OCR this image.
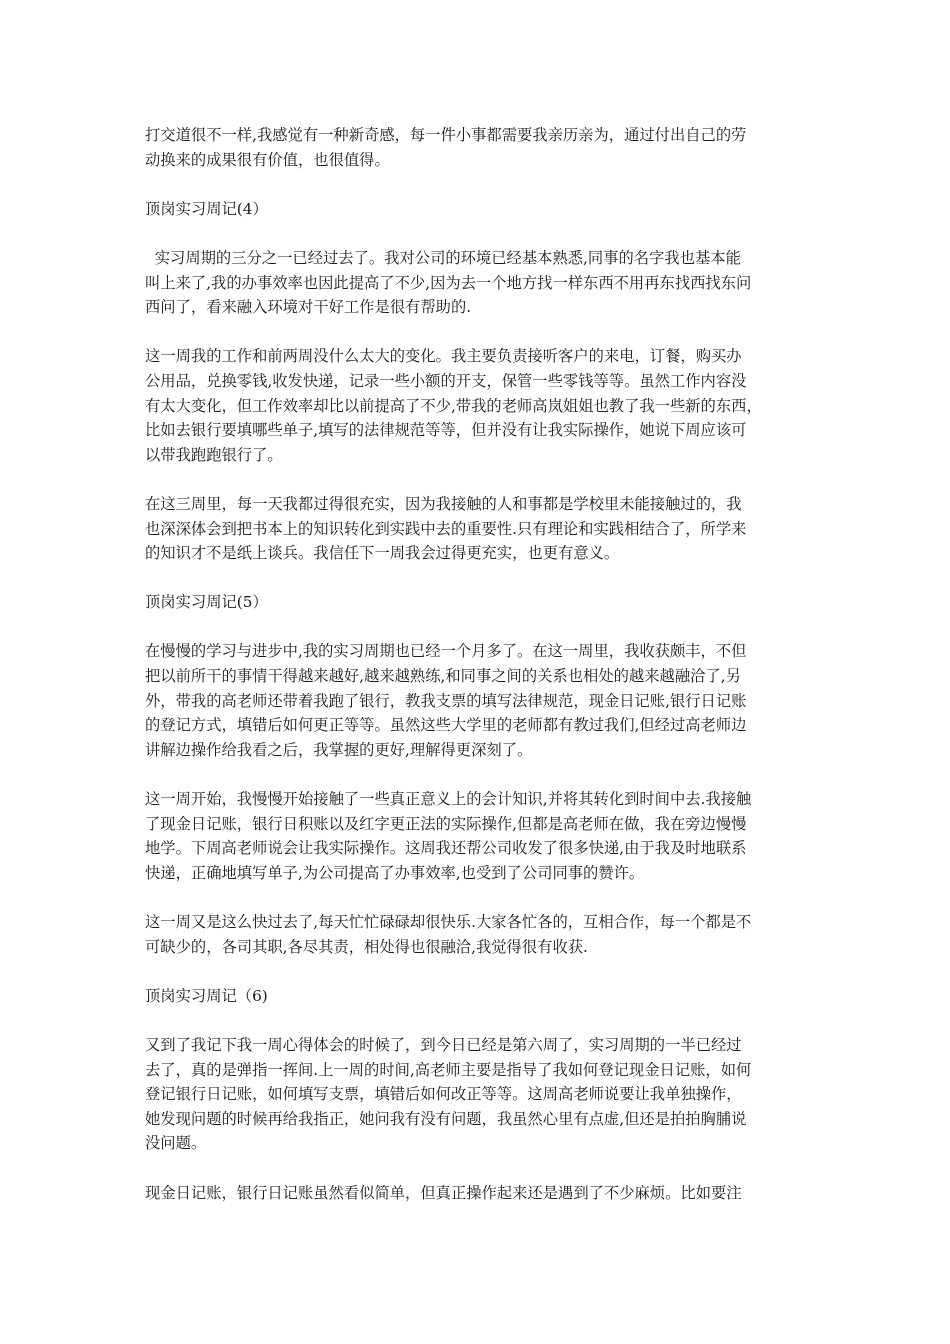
打交道很不一样,我感觉有一种新奇感，每一件小事都需要我亲历亲为，通过付出自己的劳
动换来的成果很有价值，也很值得。
顶岗实习周记(4）
实习周期的三分之一已经过去了。我对公司的环境已经基本熟悉,同事的名字我也基本能
叫上来了,我的办事效率也因此提高了不少,因为去一个地方找一样东西不用再东找西找东问
西问了，看来融入环境对干好工作是很有帮助的.
这一周我的工作和前两周没什么太大的变化。我主要负责接听客户的来电，订餐，购买办
公用品，兑换零钱,收发快递，记录一些小额的开支，保管一些零钱等等。虽然工作内容没
有太大变化，但工作效率却比以前提高了不少,带我的老师高岚姐姐也教了我一些新的东西，
比如去银行要填哪些单子,填写的法律规范等等，但并没有让我实际操作，她说下周应该可
以带我跑跑银行了。
在这三周里，每一天我都过得很充实，因为我接触的人和事都是学校里未能接触过的，我
也深深体会到把书本上的知识转化到实践中去的重要性.只有理论和实践相结合了，所学来
的知识才不是纸上谈兵。我信任下一周我会过得更充实，也更有意义。
顶岗实习周记(5）
在慢慢的学习与进步中,我的实习周期也已经一个月多了。在这一周里，我收获颇丰，不但
把以前所干的事情干得越来越好,越来越熟练,和同事之间的关系也相处的越来越融洽了,另
外，带我的高老师还带着我跑了银行，教我支票的填写法律规范，现金日记账,银行日记账
的登记方式，填错后如何更正等等。虽然这些大学里的老师都有教过我们,但经过高老师边
讲解边操作给我看之后，我掌握的更好,理解得更深刻了。
这一周开始，我慢慢开始接触了一些真正意义上的会计知识,并将其转化到时间中去.我接触
了现金日记账，银行日积账以及红字更正法的实际操作,但都是高老师在做，我在旁边慢慢
地学。下周高老师说会让我实际操作。这周我还帮公司收发了很多快递,由于我及时地联系
快递，正确地填写单子,为公司提高了办事效率,也受到了公司同事的赞许。
这一周又是这么快过去了,每天忙忙碌碌却很快乐.大家各忙各的，互相合作，每一个都是不
可缺少的，各司其职,各尽其责，相处得也很融洽,我觉得很有收获.
顶岗实习周记（6)
又到了我记下我一周心得体会的时候了，到今日已经是第六周了，实习周期的一半已经过
去了，真的是弹指一挥间.上一周的时间,高老师主要是指导了我如何登记现金日记账，如何
登记银行日记账，如何填写支票，填错后如何改正等等。这周高老师说要让我单独操作，
她发现问题的时候再给我指正，她问我有没有问题，我虽然心里有点虚,但还是拍拍胸脯说
没问题。
现金日记账，银行日记账虽然看似简单，但真正操作起来还是遇到了不少麻烦。比如要注
